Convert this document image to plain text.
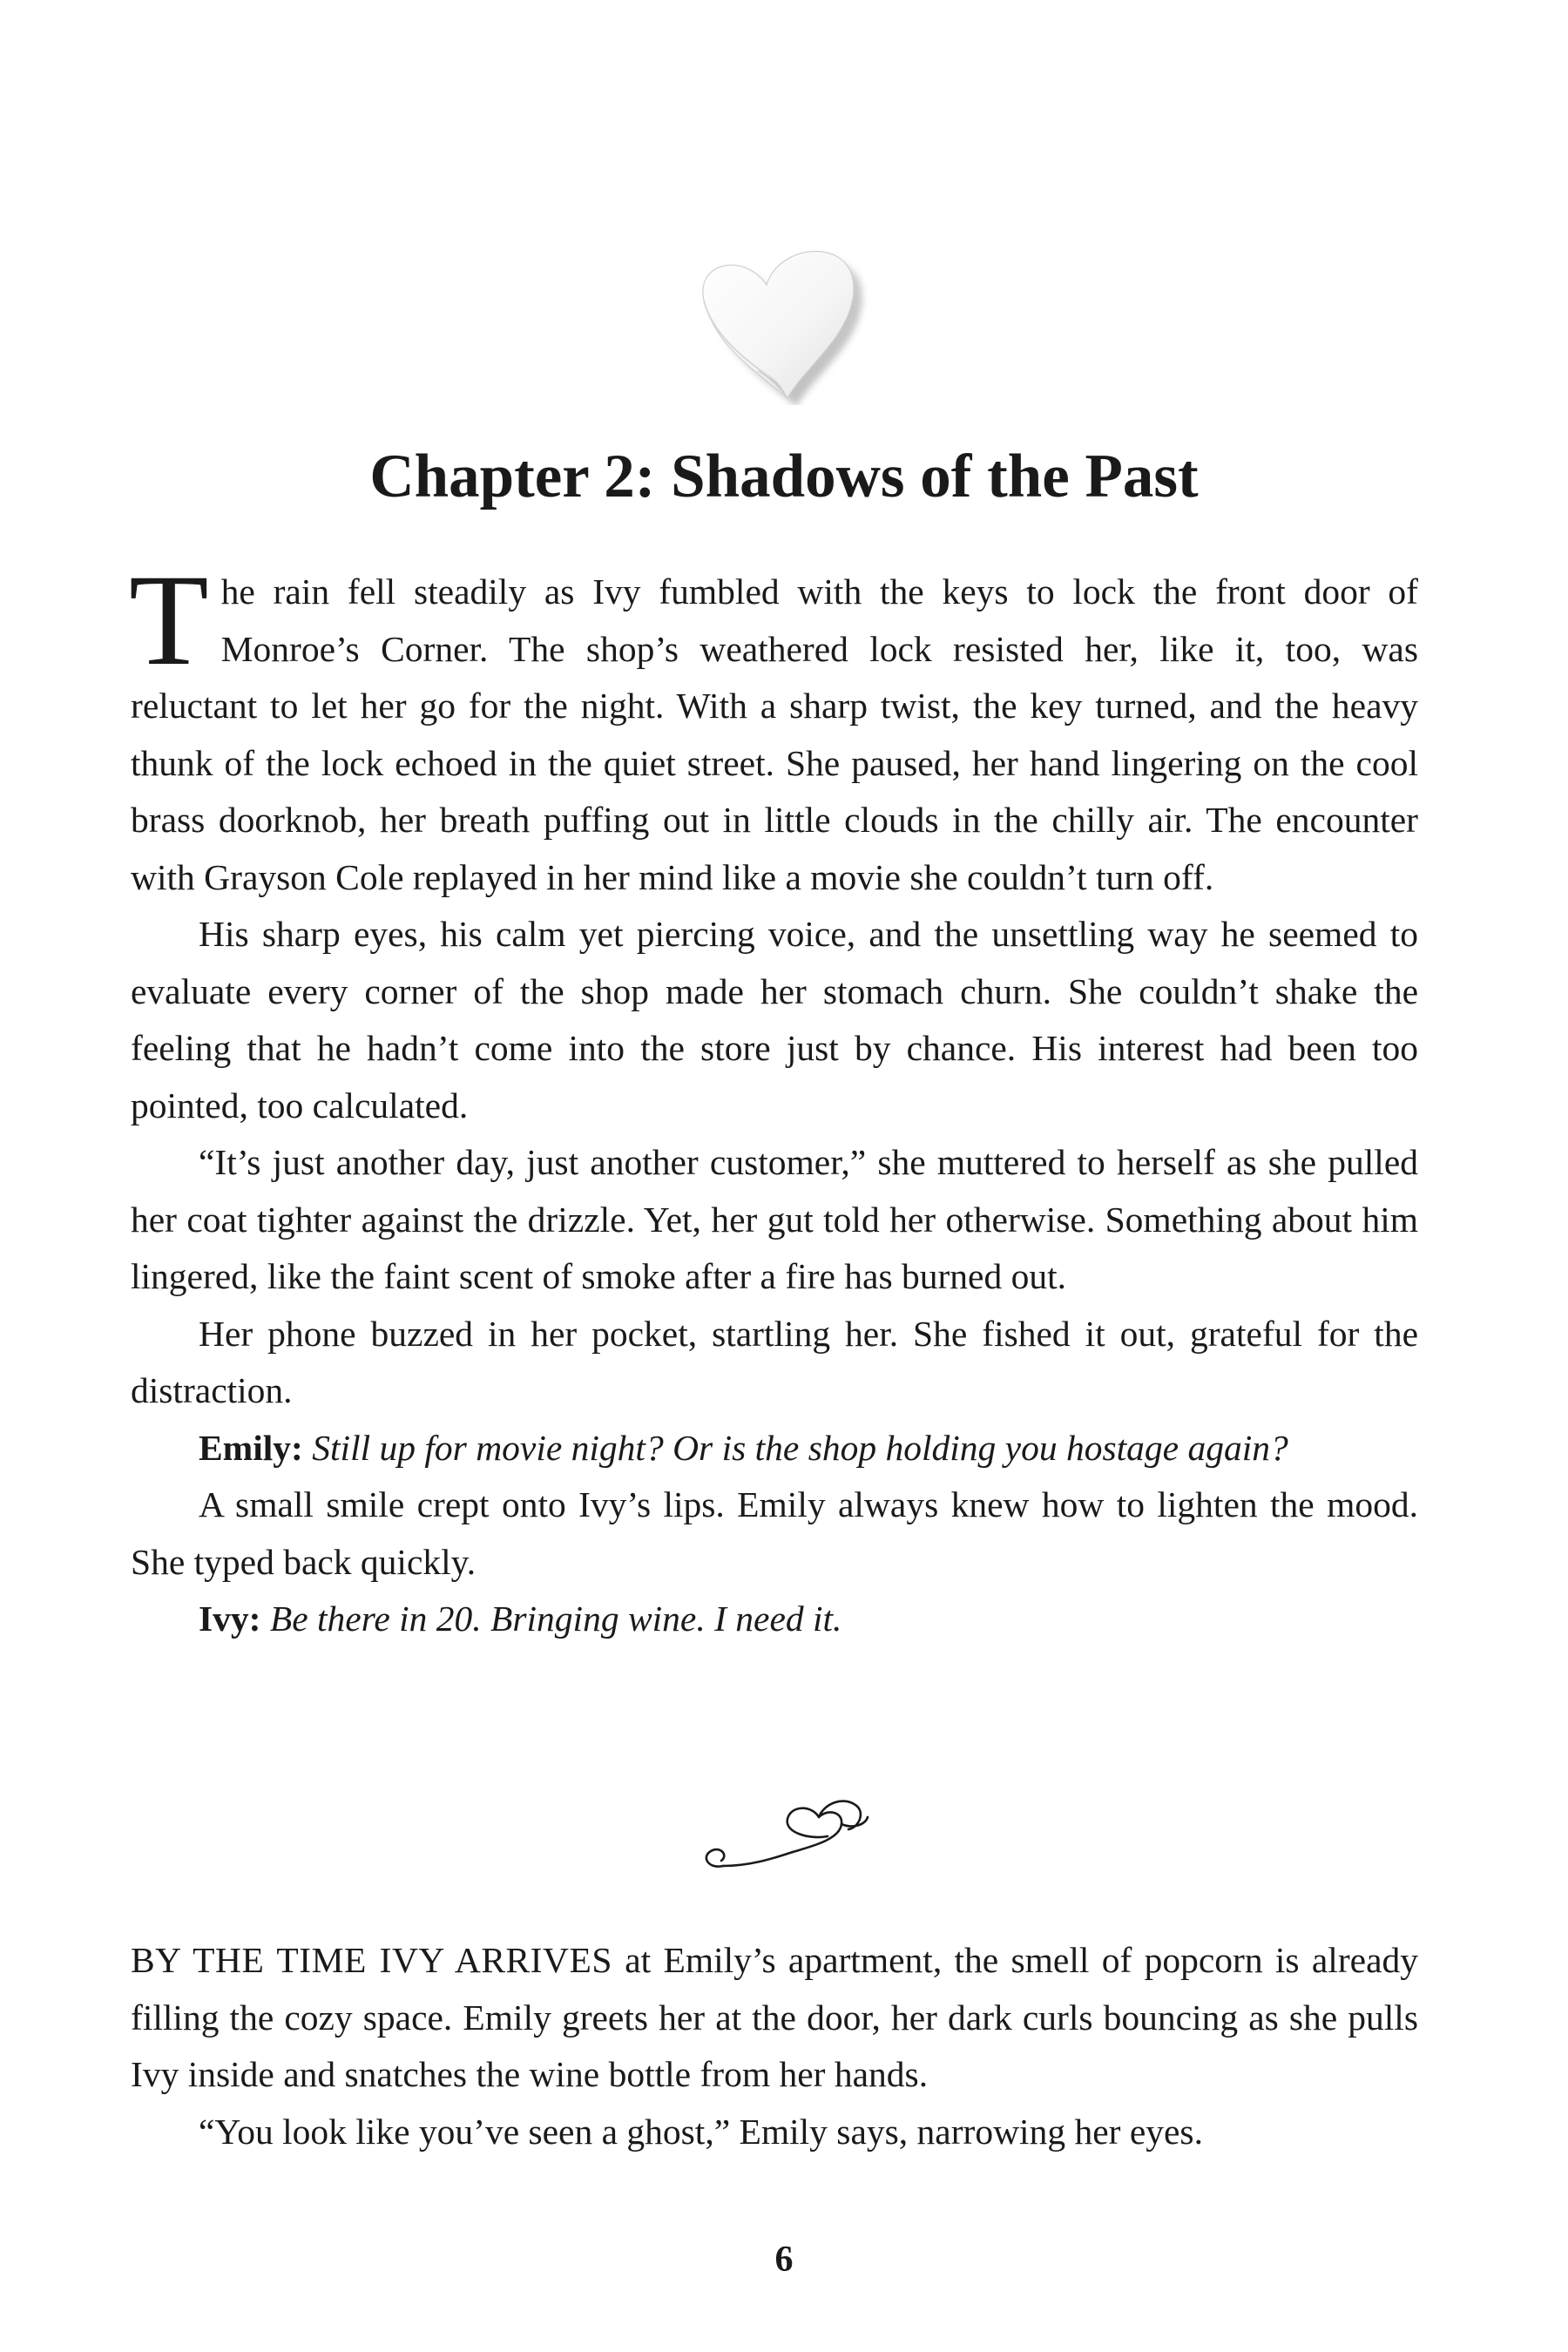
Chapter 2: Shadows of the Past

The rain fell steadily as Ivy fumbled with the keys to lock the front door of Monroe’s Corner. The shop’s weathered lock resisted her, like it, too, was reluctant to let her go for the night. With a sharp twist, the key turned, and the heavy thunk of the lock echoed in the quiet street. She paused, her hand lingering on the cool brass doorknob, her breath puffing out in little clouds in the chilly air. The encounter with Grayson Cole replayed in her mind like a movie she couldn’t turn off.

His sharp eyes, his calm yet piercing voice, and the unsettling way he seemed to evaluate every corner of the shop made her stomach churn. She couldn’t shake the feeling that he hadn’t come into the store just by chance. His interest had been too pointed, too calculated.

“It’s just another day, just another customer,” she muttered to herself as she pulled her coat tighter against the drizzle. Yet, her gut told her otherwise. Something about him lingered, like the faint scent of smoke after a fire has burned out.

Her phone buzzed in her pocket, startling her. She fished it out, grateful for the distraction.

Emily: Still up for movie night? Or is the shop holding you hostage again?

A small smile crept onto Ivy’s lips. Emily always knew how to lighten the mood. She typed back quickly.

Ivy: Be there in 20. Bringing wine. I need it.

BY THE TIME IVY ARRIVES at Emily’s apartment, the smell of popcorn is already filling the cozy space. Emily greets her at the door, her dark curls bouncing as she pulls Ivy inside and snatches the wine bottle from her hands.

“You look like you’ve seen a ghost,” Emily says, narrowing her eyes.

6
